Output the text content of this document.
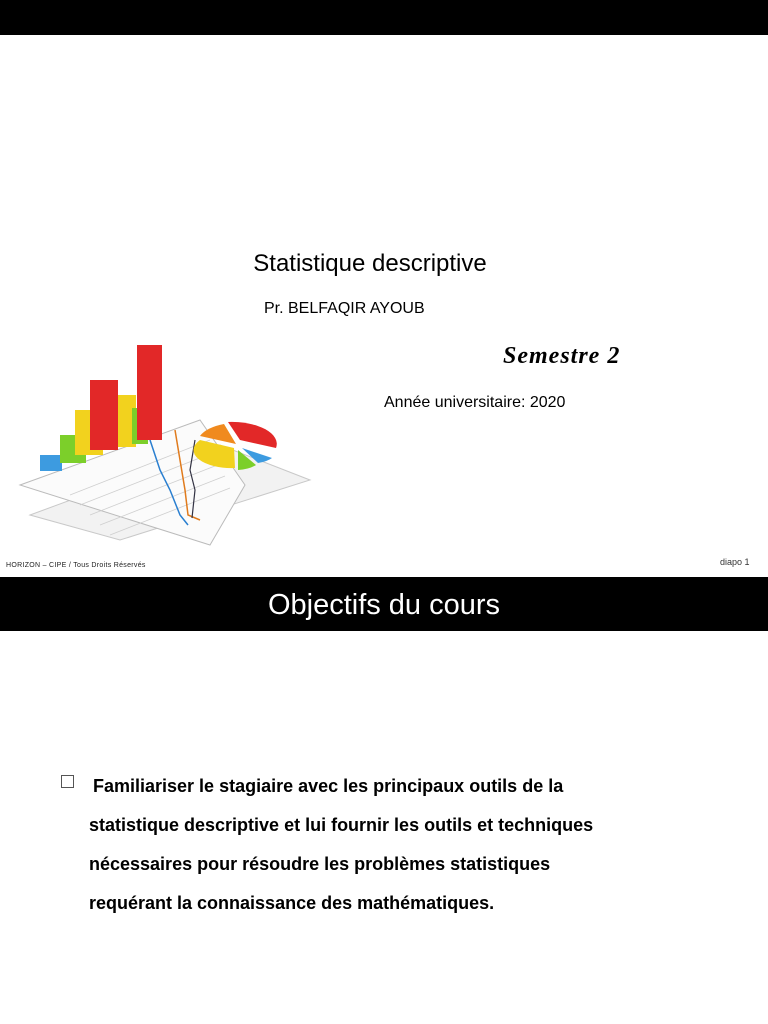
Statistique descriptive
Pr. BELFAQIR AYOUB
Semestre 2
Année universitaire: 2020
HORIZON – CIPE / Tous Droits Réservés	diapo 1
Objectifs du cours
Familiariser le stagiaire avec les principaux outils de la
statistique descriptive et lui fournir les outils et techniques
nécessaires pour résoudre les problèmes statistiques
requérant la connaissance des mathématiques.
